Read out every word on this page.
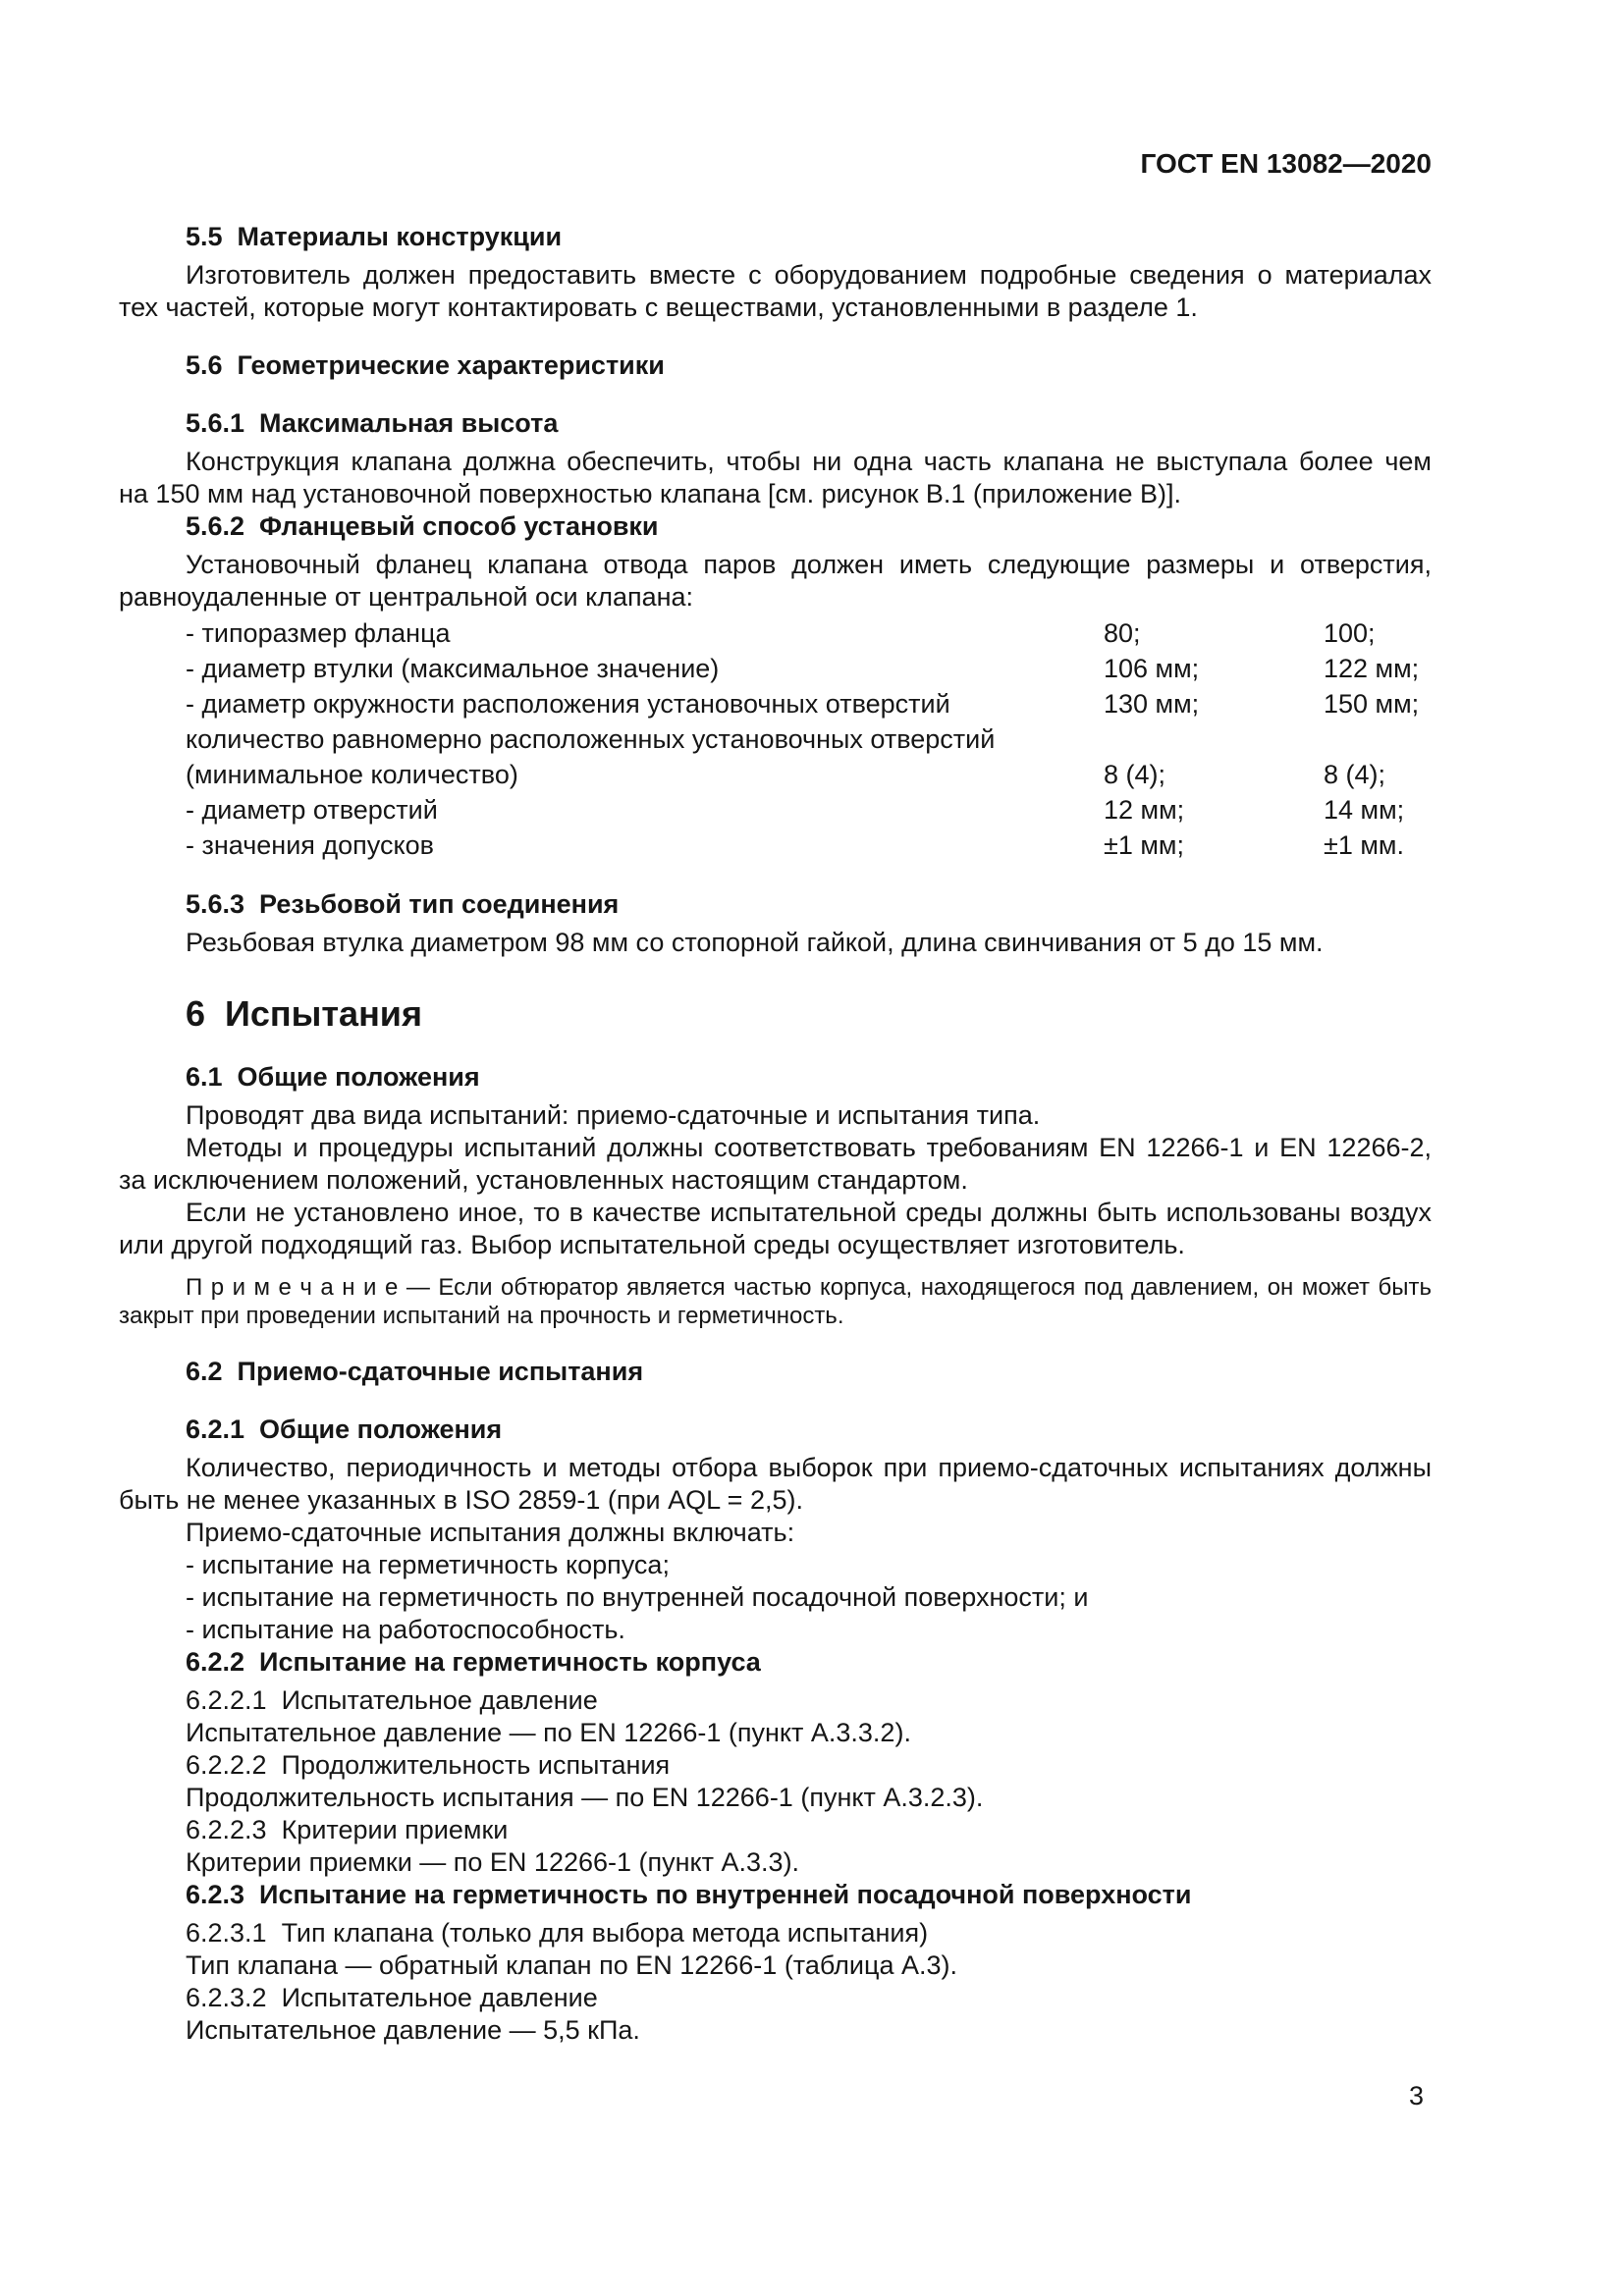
ГОСТ EN 13082—2020
5.5  Материалы конструкции
Изготовитель должен предоставить вместе с оборудованием подробные сведения о материалах
тех частей, которые могут контактировать с веществами, установленными в разделе 1.
5.6  Геометрические характеристики
5.6.1  Максимальная высота
Конструкция клапана должна обеспечить, чтобы ни одна часть клапана не выступала более чем
на 150 мм над установочной поверхностью клапана [см. рисунок B.1 (приложение B)].
5.6.2  Фланцевый способ установки
Установочный фланец клапана отвода паров должен иметь следующие размеры и отверстия,
равноудаленные от центральной оси клапана:
- типоразмер фланца	80;	100;
- диаметр втулки (максимальное значение)	106 мм;	122 мм;
- диаметр окружности расположения установочных отверстий	130 мм;	150 мм;
количество равномерно расположенных установочных отверстий
(минимальное количество)	8 (4);	8 (4);
- диаметр отверстий	12 мм;	14 мм;
- значения допусков	±1 мм;	±1 мм.
5.6.3  Резьбовой тип соединения
Резьбовая втулка диаметром 98 мм со стопорной гайкой, длина свинчивания от 5 до 15 мм.
6  Испытания
6.1  Общие положения
Проводят два вида испытаний: приемо-сдаточные и испытания типа.
Методы и процедуры испытаний должны соответствовать требованиям EN 12266-1 и EN 12266-2,
за исключением положений, установленных настоящим стандартом.
Если не установлено иное, то в качестве испытательной среды должны быть использованы воздух
или другой подходящий газ. Выбор испытательной среды осуществляет изготовитель.
П р и м е ч а н и е — Если обтюратор является частью корпуса, находящегося под давлением, он может быть
закрыт при проведении испытаний на прочность и герметичность.
6.2  Приемо-сдаточные испытания
6.2.1  Общие положения
Количество, периодичность и методы отбора выборок при приемо-сдаточных испытаниях должны
быть не менее указанных в ISO 2859-1 (при AQL = 2,5).
Приемо-сдаточные испытания должны включать:
- испытание на герметичность корпуса;
- испытание на герметичность по внутренней посадочной поверхности; и
- испытание на работоспособность.
6.2.2  Испытание на герметичность корпуса
6.2.2.1  Испытательное давление
Испытательное давление — по EN 12266-1 (пункт А.3.3.2).
6.2.2.2  Продолжительность испытания
Продолжительность испытания — по EN 12266-1 (пункт А.3.2.3).
6.2.2.3  Критерии приемки
Критерии приемки — по EN 12266-1 (пункт А.3.3).
6.2.3  Испытание на герметичность по внутренней посадочной поверхности
6.2.3.1  Тип клапана (только для выбора метода испытания)
Тип клапана — обратный клапан по EN 12266-1 (таблица А.3).
6.2.3.2  Испытательное давление
Испытательное давление — 5,5 кПа.
3
